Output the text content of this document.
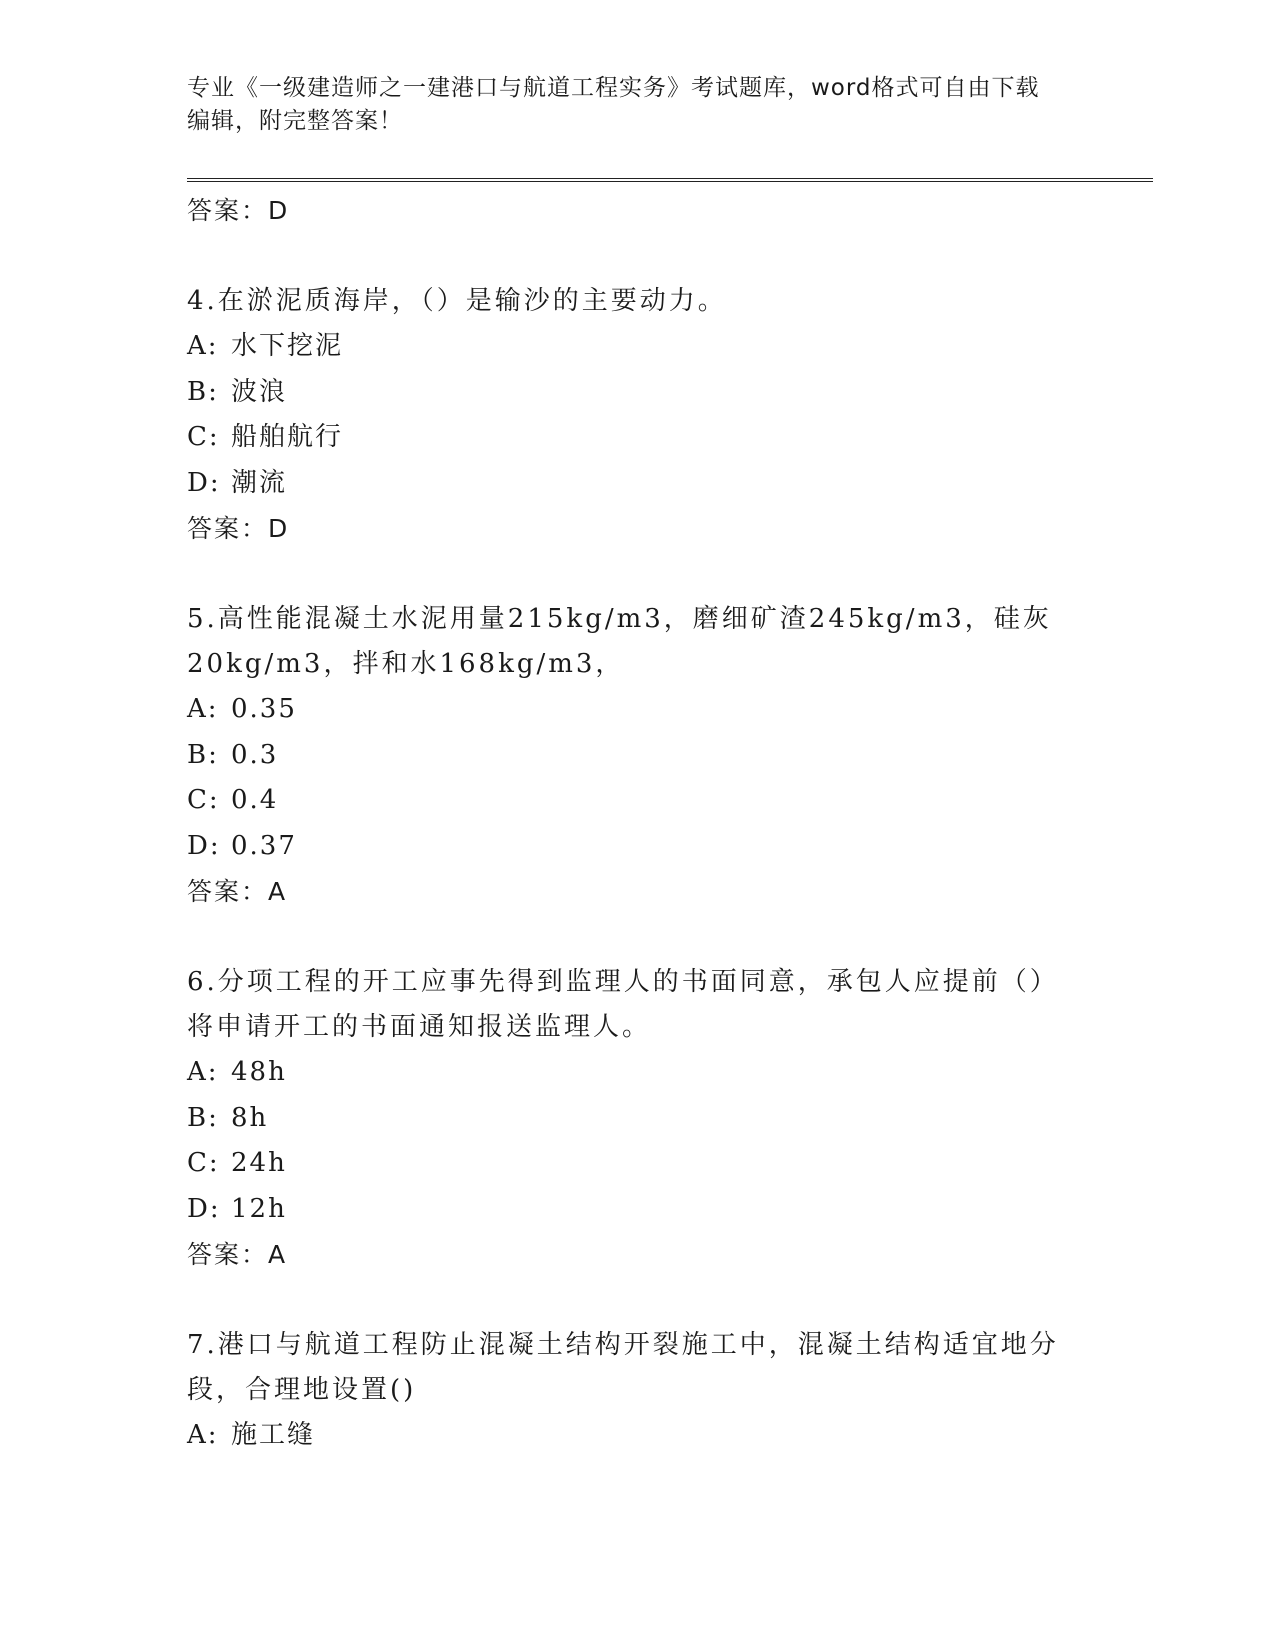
专业《一级建造师之一建港口与航道工程实务》考试题库，word格式可自由下载
编辑，附完整答案！
答案：D
4.在淤泥质海岸，（）是输沙的主要动力。
A: 水下挖泥
B: 波浪
C: 船舶航行
D: 潮流
答案：D
5.高性能混凝土水泥用量215kg/m3，磨细矿渣245kg/m3，硅灰
20kg/m3，拌和水168kg/m3，
A: 0.35
B: 0.3
C: 0.4
D: 0.37
答案：A
6.分项工程的开工应事先得到监理人的书面同意，承包人应提前（）
将申请开工的书面通知报送监理人。
A: 48h
B: 8h
C: 24h
D: 12h
答案：A
7.港口与航道工程防止混凝土结构开裂施工中，混凝土结构适宜地分
段，合理地设置()
A: 施工缝
